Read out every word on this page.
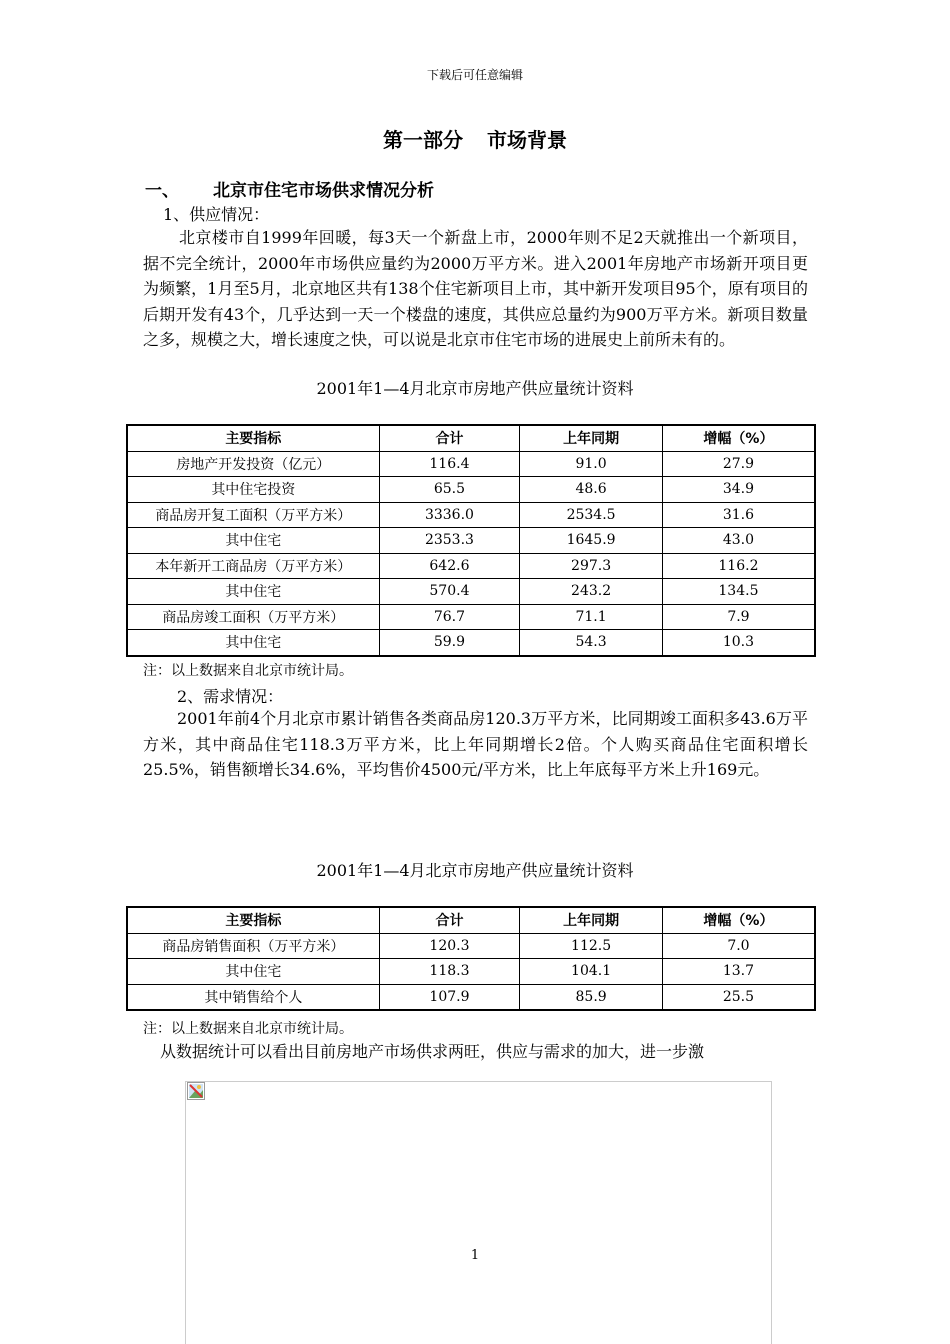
下载后可任意编辑
第一部分 市场背景
一、 北京市住宅市场供求情况分析
1、供应情况：
北京楼市自1999年回暖，每3天一个新盘上市，2000年则不足2天就推出一个新项目，据不完全统计，2000年市场供应量约为2000万平方米。进入2001年房地产市场新开项目更为频繁，1月至5月，北京地区共有138个住宅新项目上市，其中新开发项目95个，原有项目的后期开发有43个，几乎达到一天一个楼盘的速度，其供应总量约为900万平方米。新项目数量之多，规模之大，增长速度之快，可以说是北京市住宅市场的进展史上前所未有的。
2001年1—4月北京市房地产供应量统计资料
主要指标	合计	上年同期	增幅（%）
房地产开发投资（亿元）	116.4	91.0	27.9
其中住宅投资	65.5	48.6	34.9
商品房开复工面积（万平方米）	3336.0	2534.5	31.6
其中住宅	2353.3	1645.9	43.0
本年新开工商品房（万平方米）	642.6	297.3	116.2
其中住宅	570.4	243.2	134.5
商品房竣工面积（万平方米）	76.7	71.1	7.9
其中住宅	59.9	54.3	10.3
注：以上数据来自北京市统计局。
2、需求情况：
2001年前4个月北京市累计销售各类商品房120.3万平方米，比同期竣工面积多43.6万平方米，其中商品住宅118.3万平方米，比上年同期增长2倍。个人购买商品住宅面积增长25.5%，销售额增长34.6%，平均售价4500元/平方米，比上年底每平方米上升169元。
2001年1—4月北京市房地产供应量统计资料
主要指标	合计	上年同期	增幅（%）
商品房销售面积（万平方米）	120.3	112.5	7.0
其中住宅	118.3	104.1	13.7
其中销售给个人	107.9	85.9	25.5
注：以上数据来自北京市统计局。
从数据统计可以看出目前房地产市场供求两旺，供应与需求的加大，进一步激
1
